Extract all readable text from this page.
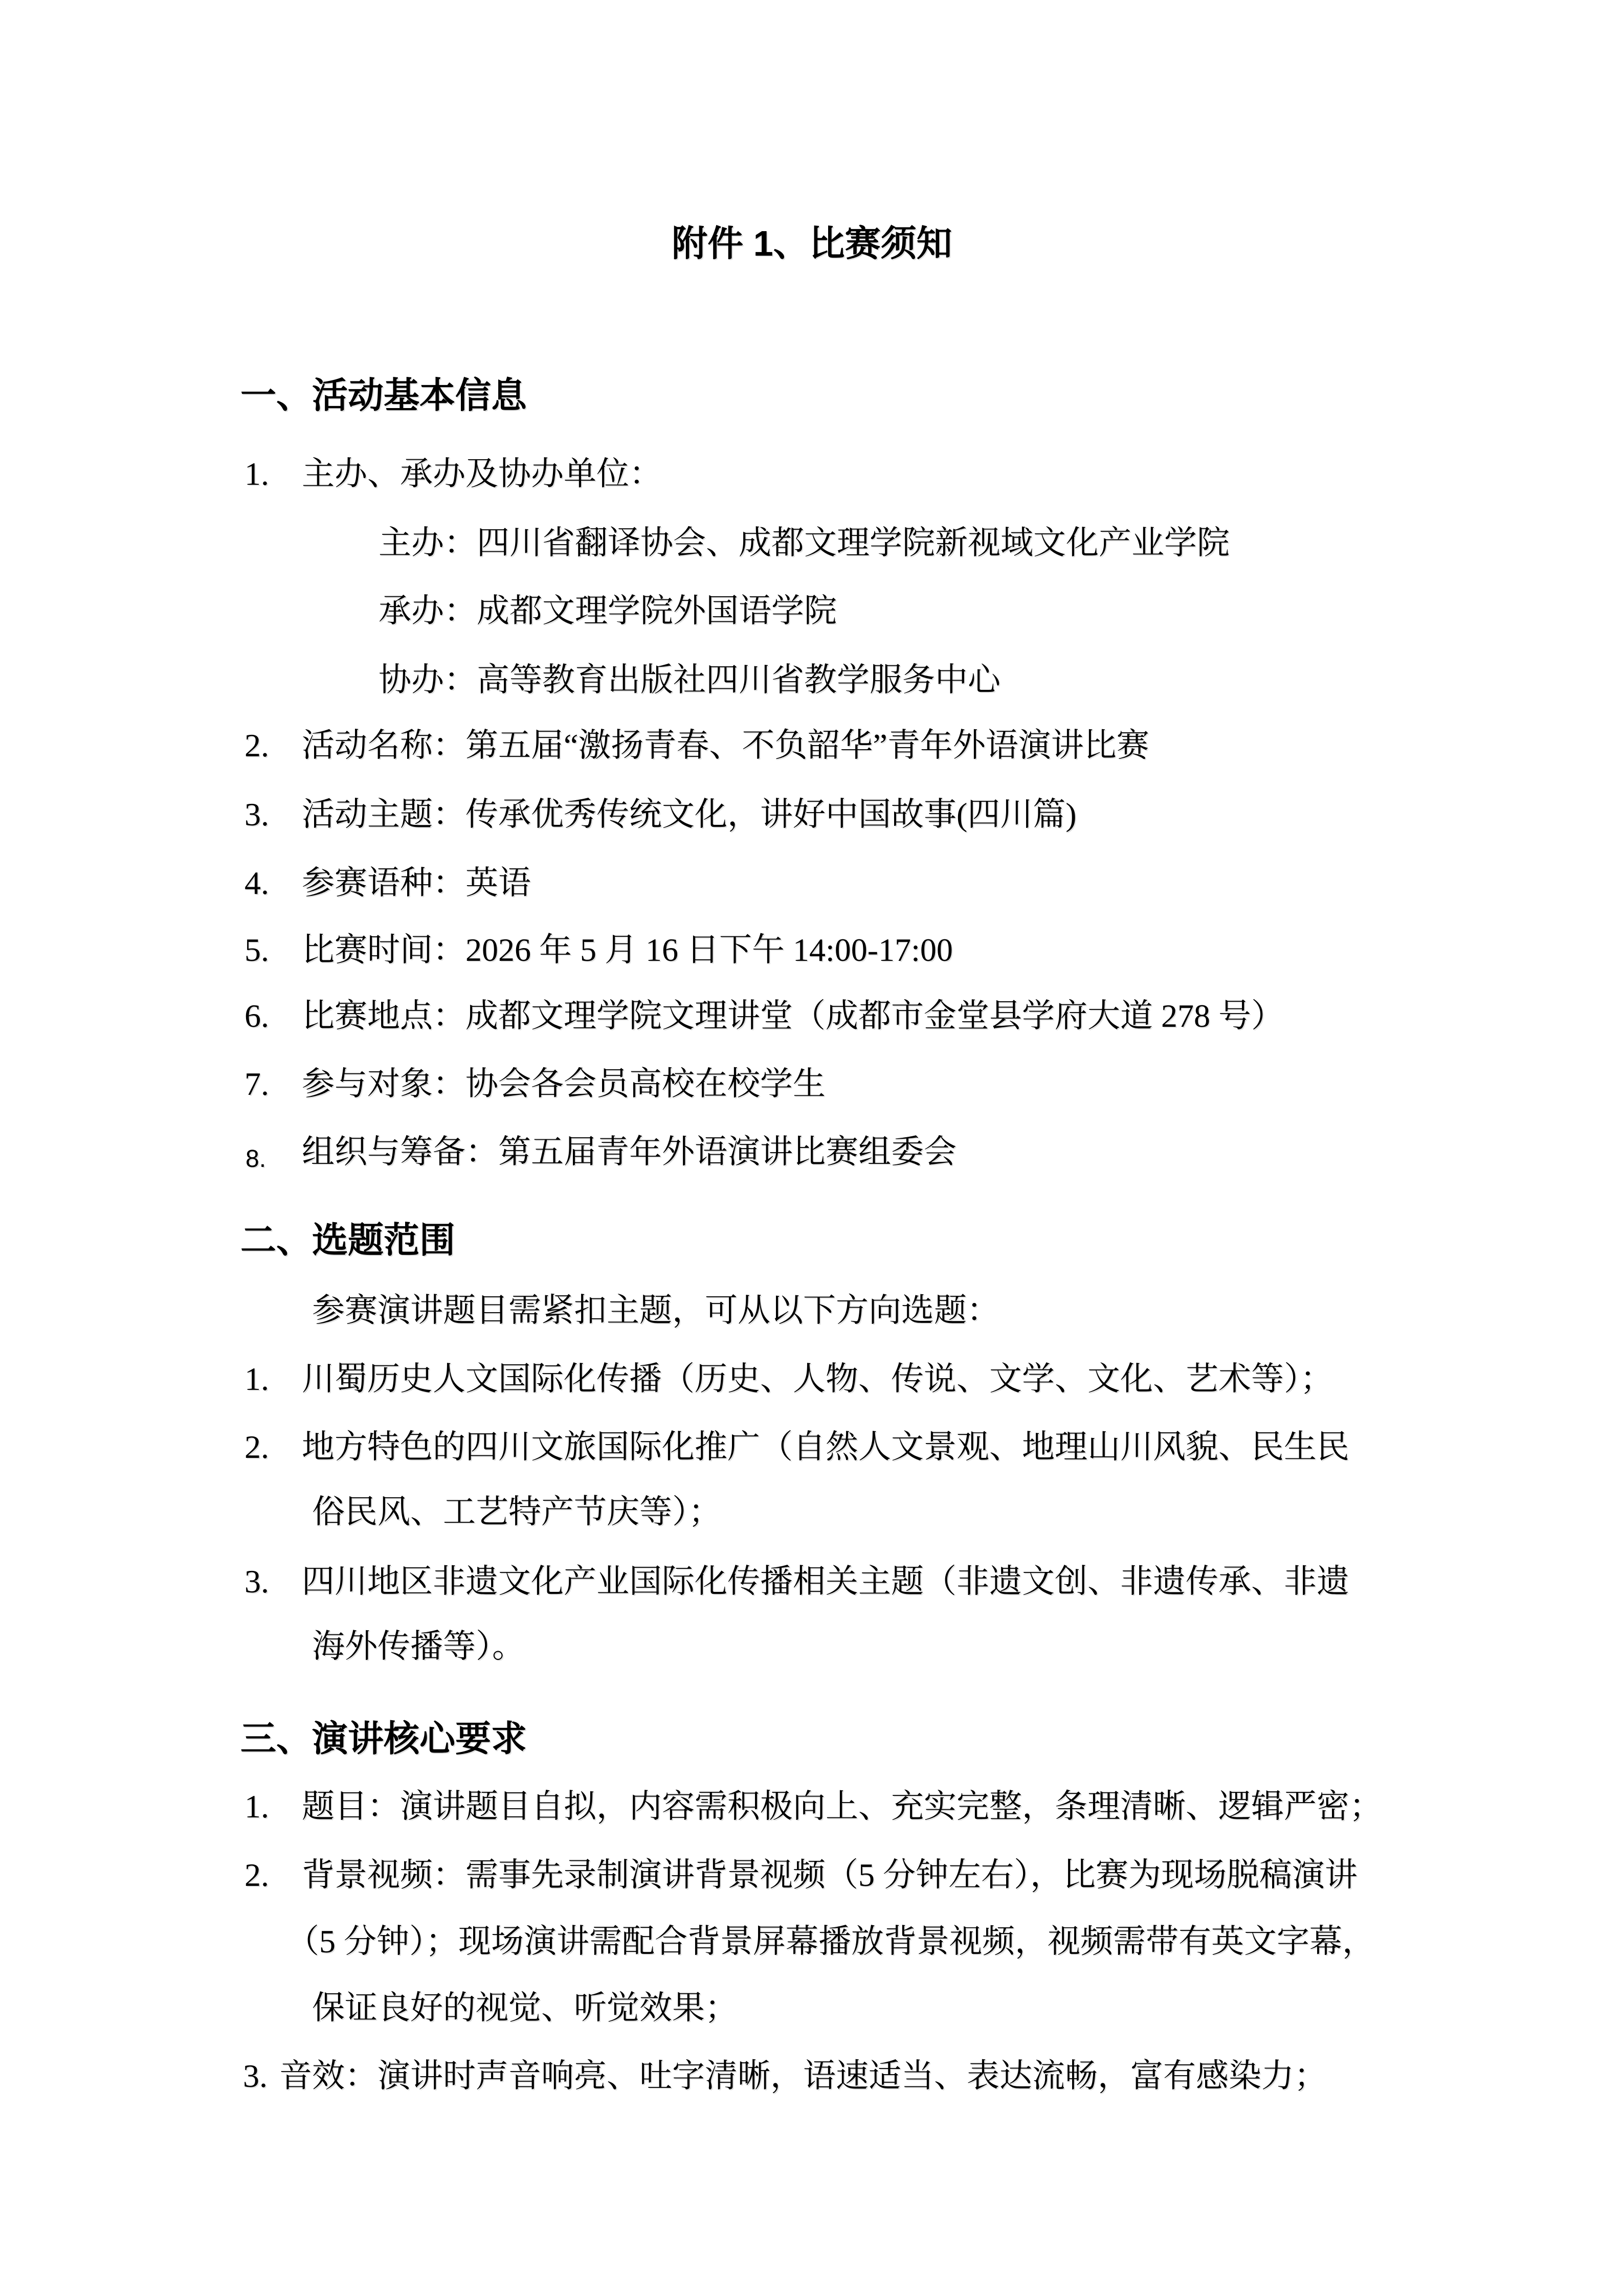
附件 1、比赛须知
一、活动基本信息
1. 主办、承办及协办单位：
主办：四川省翻译协会、成都文理学院新视域文化产业学院
承办：成都文理学院外国语学院
协办：高等教育出版社四川省教学服务中心
2. 活动名称：第五届“激扬青春、不负韶华”青年外语演讲比赛
3. 活动主题：传承优秀传统文化，讲好中国故事(四川篇)
4. 参赛语种：英语
5. 比赛时间：2026 年 5 月 16 日下午 14:00-17:00
6. 比赛地点：成都文理学院文理讲堂（成都市金堂县学府大道 278 号）
7. 参与对象：协会各会员高校在校学生
8. 组织与筹备：第五届青年外语演讲比赛组委会
二、选题范围
参赛演讲题目需紧扣主题，可从以下方向选题：
1. 川蜀历史人文国际化传播（历史、人物、传说、文学、文化、艺术等）；
2. 地方特色的四川文旅国际化推广（自然人文景观、地理山川风貌、民生民
俗民风、工艺特产节庆等）；
3. 四川地区非遗文化产业国际化传播相关主题（非遗文创、非遗传承、非遗
海外传播等）。
三、演讲核心要求
1. 题目：演讲题目自拟，内容需积极向上、充实完整，条理清晰、逻辑严密；
2. 背景视频：需事先录制演讲背景视频（5 分钟左右），比赛为现场脱稿演讲
（5 分钟）；现场演讲需配合背景屏幕播放背景视频，视频需带有英文字幕，
保证良好的视觉、听觉效果；
3. 音效：演讲时声音响亮、吐字清晰，语速适当、表达流畅，富有感染力；
